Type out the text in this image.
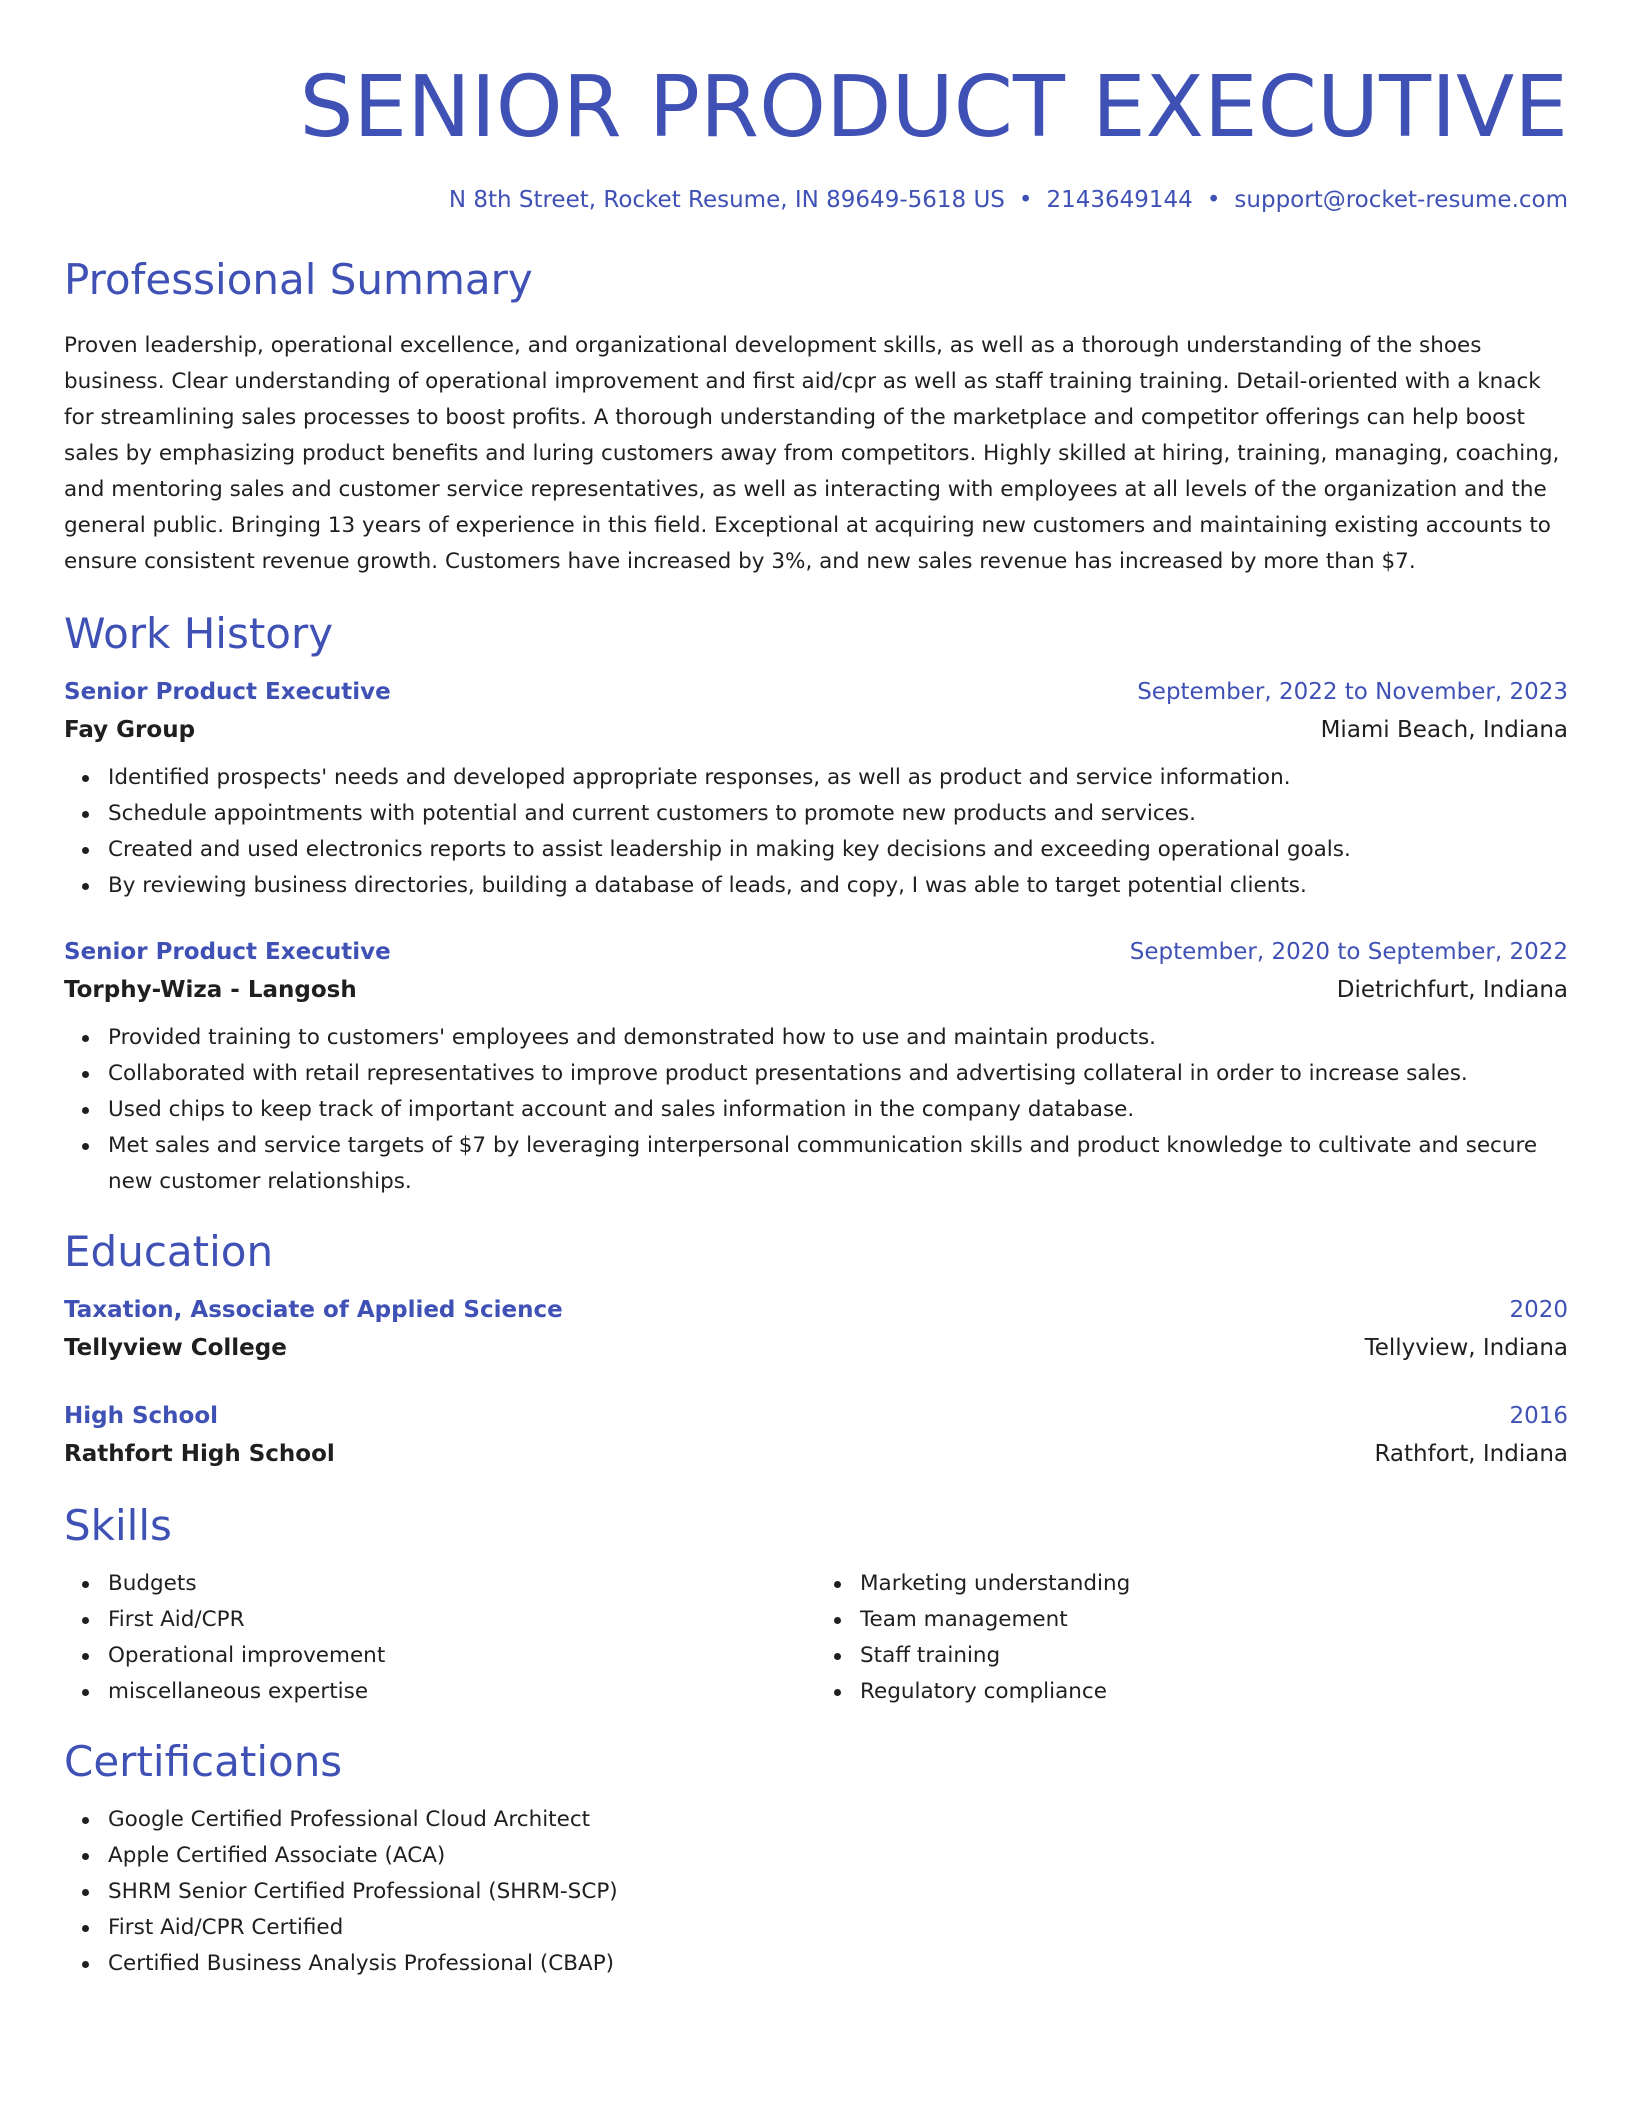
SENIOR PRODUCT EXECUTIVE
N 8th Street, Rocket Resume, IN 89649-5618 US • 2143649144 • support@rocket-resume.com
Professional Summary
Proven leadership, operational excellence, and organizational development skills, as well as a thorough understanding of the shoes business. Clear understanding of operational improvement and first aid/cpr as well as staff training training. Detail-oriented with a knack for streamlining sales processes to boost profits. A thorough understanding of the marketplace and competitor offerings can help boost sales by emphasizing product benefits and luring customers away from competitors. Highly skilled at hiring, training, managing, coaching, and mentoring sales and customer service representatives, as well as interacting with employees at all levels of the organization and the general public. Bringing 13 years of experience in this field. Exceptional at acquiring new customers and maintaining existing accounts to ensure consistent revenue growth. Customers have increased by 3%, and new sales revenue has increased by more than $7.
Work History
Senior Product Executive	September, 2022 to November, 2023
Fay Group	Miami Beach, Indiana
Identified prospects' needs and developed appropriate responses, as well as product and service information.
Schedule appointments with potential and current customers to promote new products and services.
Created and used electronics reports to assist leadership in making key decisions and exceeding operational goals.
By reviewing business directories, building a database of leads, and copy, I was able to target potential clients.
Senior Product Executive	September, 2020 to September, 2022
Torphy-Wiza - Langosh	Dietrichfurt, Indiana
Provided training to customers' employees and demonstrated how to use and maintain products.
Collaborated with retail representatives to improve product presentations and advertising collateral in order to increase sales.
Used chips to keep track of important account and sales information in the company database.
Met sales and service targets of $7 by leveraging interpersonal communication skills and product knowledge to cultivate and secure new customer relationships.
Education
Taxation, Associate of Applied Science	2020
Tellyview College	Tellyview, Indiana
High School	2016
Rathfort High School	Rathfort, Indiana
Skills
Budgets
First Aid/CPR
Operational improvement
miscellaneous expertise
Marketing understanding
Team management
Staff training
Regulatory compliance
Certifications
Google Certified Professional Cloud Architect
Apple Certified Associate (ACA)
SHRM Senior Certified Professional (SHRM-SCP)
First Aid/CPR Certified
Certified Business Analysis Professional (CBAP)
